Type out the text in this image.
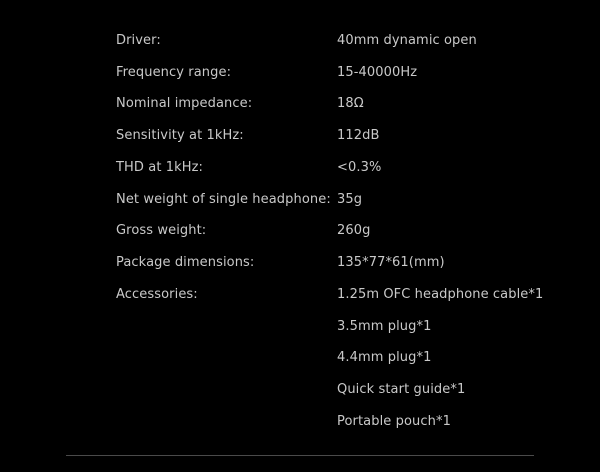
Driver:	40mm dynamic open
Frequency range:	15-40000Hz
Nominal impedance:	18Ω
Sensitivity at 1kHz:	112dB
THD at 1kHz:	<0.3%
Net weight of single headphone: 35g
Gross weight:	260g
Package dimensions:	135*77*61(mm)
Accessories:	1.25m OFC headphone cable*1
3.5mm plug*1
4.4mm plug*1
Quick start guide*1
Portable pouch*1
